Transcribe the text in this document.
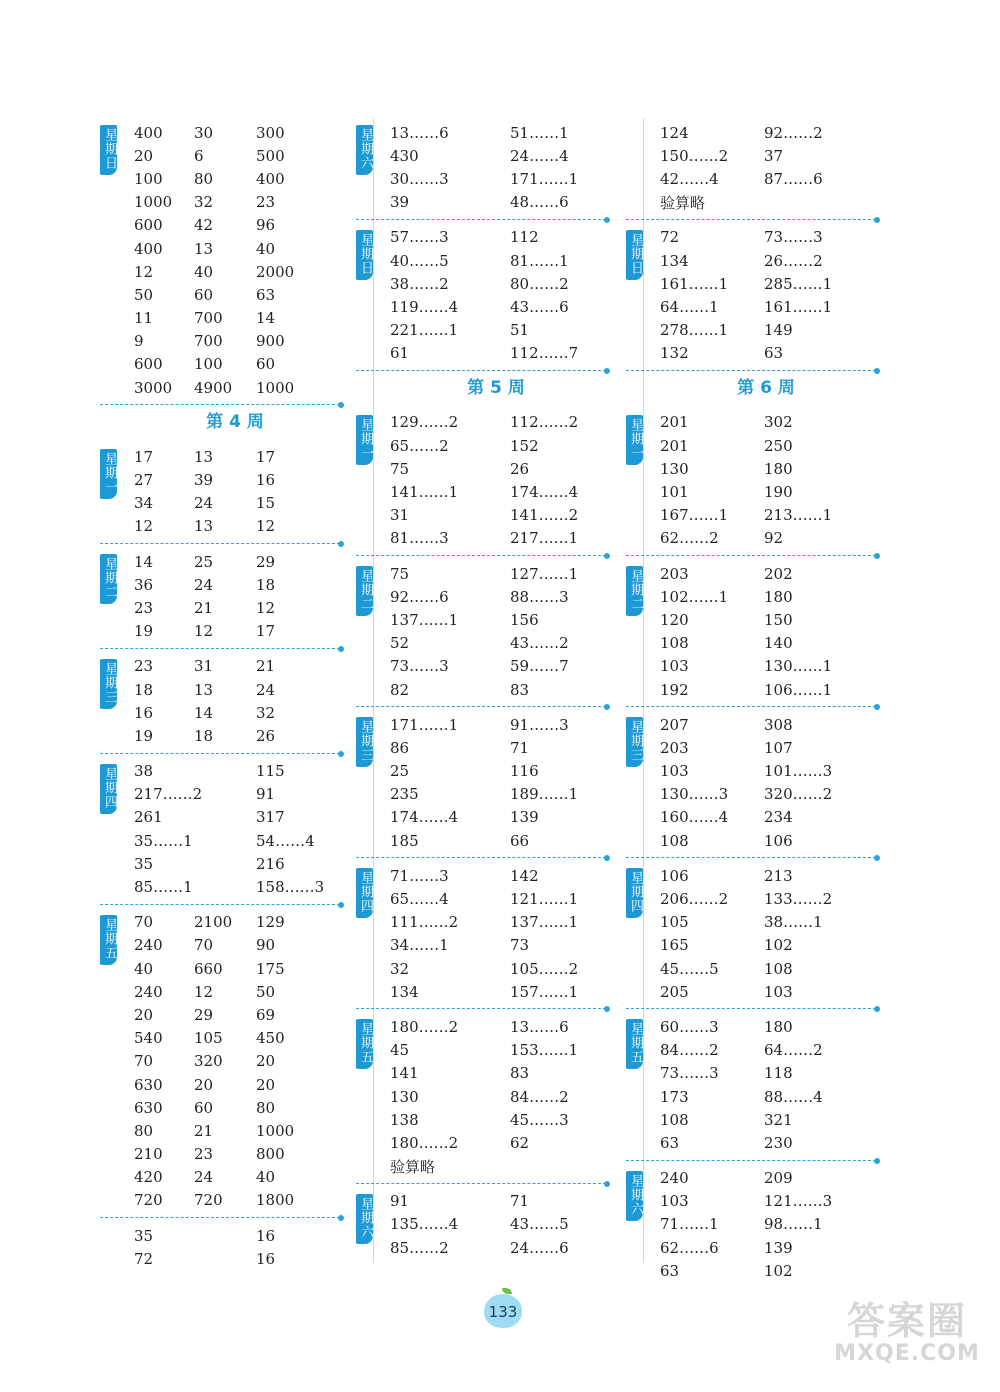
星期日 400	30	300
20	6	500
100	80	400
1000	32	23
600	42	96
400	13	40
12	40	2000
50	60	63
11	700	14
9	700	900
600	100	60
3000	4900	1000
第 4 周
星期一 17	13	17
27	39	16
34	24	15
12	13	12
星期二 14	25	29
36	24	18
23	21	12
19	12	17
星期三 23	31	21
18	13	24
16	14	32
19	18	26
星期四 38	115
217……2	91
261	317
35……1	54……4
35	216
85……1	158……3
星期五 70	2100	129
240	70	90
40	660	175
240	12	50
20	29	69
540	105	450
70	320	20
630	20	20
630	60	80
80	21	1000
210	23	800
420	24	40
720	720	1800
35	16
72	16
星期六 13……6	51……1
430	24……4
30……3	171……1
39	48……6
星期日 57……3	112
40……5	81……1
38……2	80……2
119……4	43……6
221……1	51
61	112……7
第 5 周
星期一 129……2	112……2
65……2	152
75	26
141……1	174……4
31	141……2
81……3	217……1
星期二 75	127……1
92……6	88……3
137……1	156
52	43……2
73……3	59……7
82	83
星期三 171……1	91……3
86	71
25	116
235	189……1
174……4	139
185	66
星期四 71……3	142
65……4	121……1
111……2	137……1
34……1	73
32	105……2
134	157……1
星期五 180……2	13……6
45	153……1
141	83
130	84……2
138	45……3
180……2	62
验算略
星期六 91	71
135……4	43……5
85……2	24……6
124	92……2
150……2	37
42……4	87……6
验算略
星期日 72	73……3
134	26……2
161……1	285……1
64……1	161……1
278……1	149
132	63
第 6 周
星期一 201	302
201	250
130	180
101	190
167……1	213……1
62……2	92
星期二 203	202
102……1	180
120	150
108	140
103	130……1
192	106……1
星期三 207	308
203	107
103	101……3
130……3	320……2
160……4	234
108	106
星期四 106	213
206……2	133……2
105	38……1
165	102
45……5	108
205	103
星期五 60……3	180
84……2	64……2
73……3	118
173	88……4
108	321
63	230
星期六 240	209
103	121……3
71……1	98……1
62……6	139
63	102
133	答案圈
MXQE.COM
